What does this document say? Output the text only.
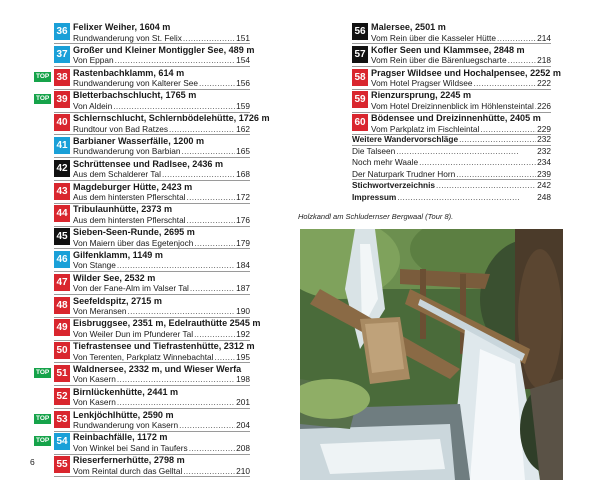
36 Felixer Weiher, 1604 m
Rundwanderung von St. Felix . . .	151
37 Großer und Kleiner Montiggler See, 489 m
Von Eppan . . .	154
TOP 38 Rastenbachklamm, 614 m
Rundwanderung von Kalterer See . . .	156
TOP 39 Bletterbachschlucht, 1765 m
Von Aldein . . .	159
40 Schlernschlucht, Schlernbödelehütte, 1726 m
Rundtour von Bad Ratzes . . .	162
41 Barbianer Wasserfälle, 1200 m
Rundwanderung von Barbian . . .	165
42 Schrüttensee und Radlsee, 2436 m
Aus dem Schalderer Tal . . .	168
43 Magdeburger Hütte, 2423 m
Aus dem hintersten Pflerschtal . . .	172
44 Tribulaunhütte, 2373 m
Aus dem hintersten Pflerschtal . . .	176
45 Sieben-Seen-Runde, 2695 m
Von Maiern über das Egetenjoch . . .	179
46 Gilfenklamm, 1149 m
Von Stange . . .	184
47 Wilder See, 2532 m
Von der Fane-Alm im Valser Tal . . .	187
48 Seefeldspitz, 2715 m
Von Meransen . . .	190
49 Eisbruggsee, 2351 m, Edelrauthütte 2545 m
Von Weiler Dun im Pfunderer Tal . . .	192
50 Tiefrastensee und Tiefrastenhütte, 2312 m
Von Terenten, Parkplatz Winnebachtal . . .	195
TOP 51 Waldnersee, 2332 m, und Wieser Werfa
Von Kasern . . .	198
52 Birnlückenhütte, 2441 m
Von Kasern . . .	201
TOP 53 Lenkjöchlhütte, 2590 m
Rundwanderung von Kasern . . .	204
TOP 54 Reinbachfälle, 1172 m
Von Winkel bei Sand in Taufers . . .	208
55 Rieserfernerhütte, 2798 m
Vom Reintal durch das Gelltal . . .	210
56 Malersee, 2501 m
Vom Rein über die Kasseler Hütte . . .	214
57 Kofler Seen und Klammsee, 2848 m
Vom Rein über die Bärenluegscharte . . .	218
58 Pragser Wildsee und Hochalpensee, 2252 m
Vom Hotel Pragser Wildsee . . .	222
59 Rienzursprung, 2245 m
Vom Hotel Dreizinnenblick im Höhlensteintal . . . 226
60 Bödensee und Dreizinnenhütte, 2405 m
Vom Parkplatz im Fischleintal . . .	229
Weitere Wandervorschläge . . .	232
Die Talseen . . .	232
Noch mehr Waale . . .	234
Der Naturpark Trudner Horn . . .	239
Stichwortverzeichnis . . .	242
Impressum . . .	248
Holzkandl am Schludernser Bergwaal (Tour 8).
6
